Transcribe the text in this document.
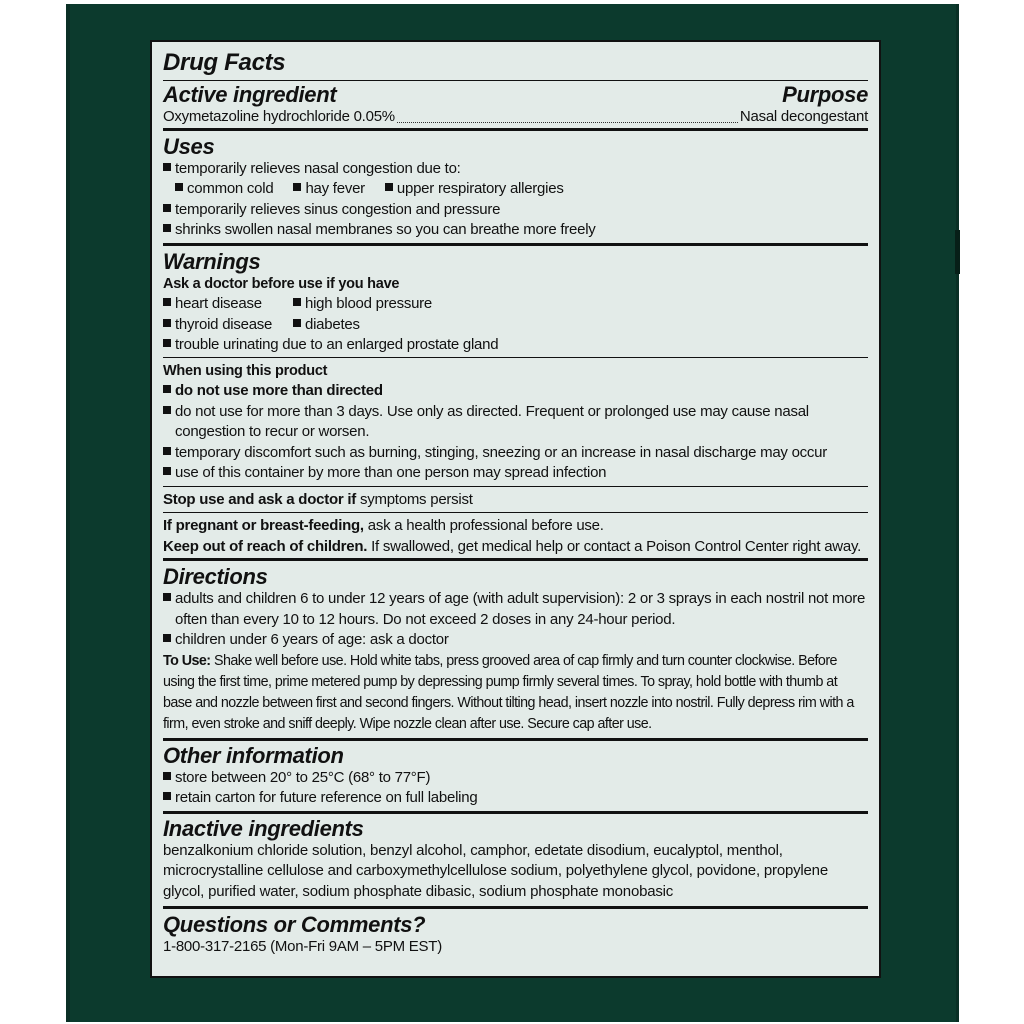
Drug Facts
Active ingredient	Purpose
Oxymetazoline hydrochloride 0.05%	Nasal decongestant
Uses
temporarily relieves nasal congestion due to:
common cold hay fever upper respiratory allergies
temporarily relieves sinus congestion and pressure
shrinks swollen nasal membranes so you can breathe more freely
Warnings
Ask a doctor before use if you have
heart disease	high blood pressure
thyroid disease diabetes
trouble urinating due to an enlarged prostate gland
When using this product
do not use more than directed
do not use for more than 3 days. Use only as directed. Frequent or prolonged use may cause nasal congestion to recur or worsen.
temporary discomfort such as burning, stinging, sneezing or an increase in nasal discharge may occur
use of this container by more than one person may spread infection
Stop use and ask a doctor if symptoms persist
If pregnant or breast-feeding, ask a health professional before use.
Keep out of reach of children. If swallowed, get medical help or contact a Poison Control Center right away.
Directions
adults and children 6 to under 12 years of age (with adult supervision): 2 or 3 sprays in each nostril not more often than every 10 to 12 hours. Do not exceed 2 doses in any 24-hour period.
children under 6 years of age: ask a doctor
To Use: Shake well before use. Hold white tabs, press grooved area of cap firmly and turn counter clockwise. Before using the first time, prime metered pump by depressing pump firmly several times. To spray, hold bottle with thumb at base and nozzle between first and second fingers. Without tilting head, insert nozzle into nostril. Fully depress rim with a firm, even stroke and sniff deeply. Wipe nozzle clean after use. Secure cap after use.
Other information
store between 20° to 25°C (68° to 77°F)
retain carton for future reference on full labeling
Inactive ingredients
benzalkonium chloride solution, benzyl alcohol, camphor, edetate disodium, eucalyptol, menthol, microcrystalline cellulose and carboxymethylcellulose sodium, polyethylene glycol, povidone, propylene glycol, purified water, sodium phosphate dibasic, sodium phosphate monobasic
Questions or Comments?
1-800-317-2165 (Mon-Fri 9AM – 5PM EST)
